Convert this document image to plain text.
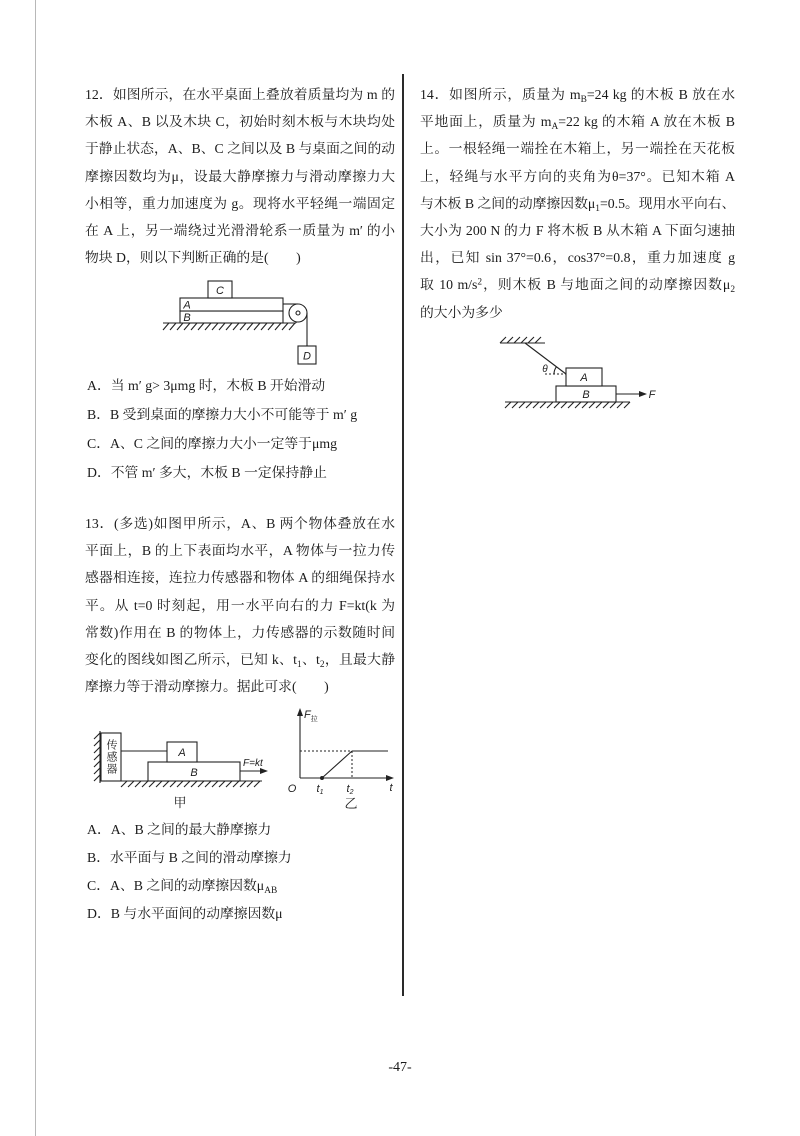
12．如图所示，在水平桌面上叠放着质量均为 m 的
木板 A、B 以及木块 C，初始时刻木板与木块均处
于静止状态，A、B、C 之间以及 B 与桌面之间的动
摩擦因数均为μ，设最大静摩擦力与滑动摩擦力大
小相等，重力加速度为 g。现将水平轻绳一端固定
在 A 上，另一端绕过光滑滑轮系一质量为 m′ 的小
物块 D，则以下判断正确的是(　　)
C
A
B
D
A．当 m′ g> 3μmg 时，木板 B 开始滑动
B．B 受到桌面的摩擦力大小不可能等于 m′ g
C．A、C 之间的摩擦力大小一定等于μmg
D．不管 m′ 多大，木板 B 一定保持静止
13．(多选)如图甲所示，A、B 两个物体叠放在水
平面上，B 的上下表面均水平，A 物体与一拉力传
感器相连接，连拉力传感器和物体 A 的细绳保持水
平。从 t=0 时刻起，用一水平向右的力 F=kt(k 为
常数)作用在 B 的物体上，力传感器的示数随时间
变化的图线如图乙所示，已知 k、$t_1$、$t_2$，且最大静
摩擦力等于滑动摩擦力。据此可求(　　)
A
B
F=kt
甲
传感器
$F_拉$
O	t
t1 t2
乙
A．A、B 之间的最大静摩擦力
B．水平面与 B 之间的滑动摩擦力
C．A、B 之间的动摩擦因数$\mu_{AB}$
D．B 与水平面间的动摩擦因数μ
14．如图所示，质量为 $m_B=24$ kg 的木板 B 放在水
平地面上，质量为 $m_A=22$ kg 的木箱 A 放在木板 B
上。一根轻绳一端拴在木箱上，另一端拴在天花板
上，轻绳与水平方向的夹角为θ=37°。已知木箱 A
与木板 B 之间的动摩擦因数$\mu_1=0.5$。现用水平向右、
大小为 200 N 的力 F 将木板 B 从木箱 A 下面匀速抽
出，已知 sin 37°=0.6，cos37°=0.8，重力加速度 g
取 10 $m/s^2$，则木板 B 与地面之间的动摩擦因数$\mu_2$
的大小为多少
θ
A
B	F
-47-
